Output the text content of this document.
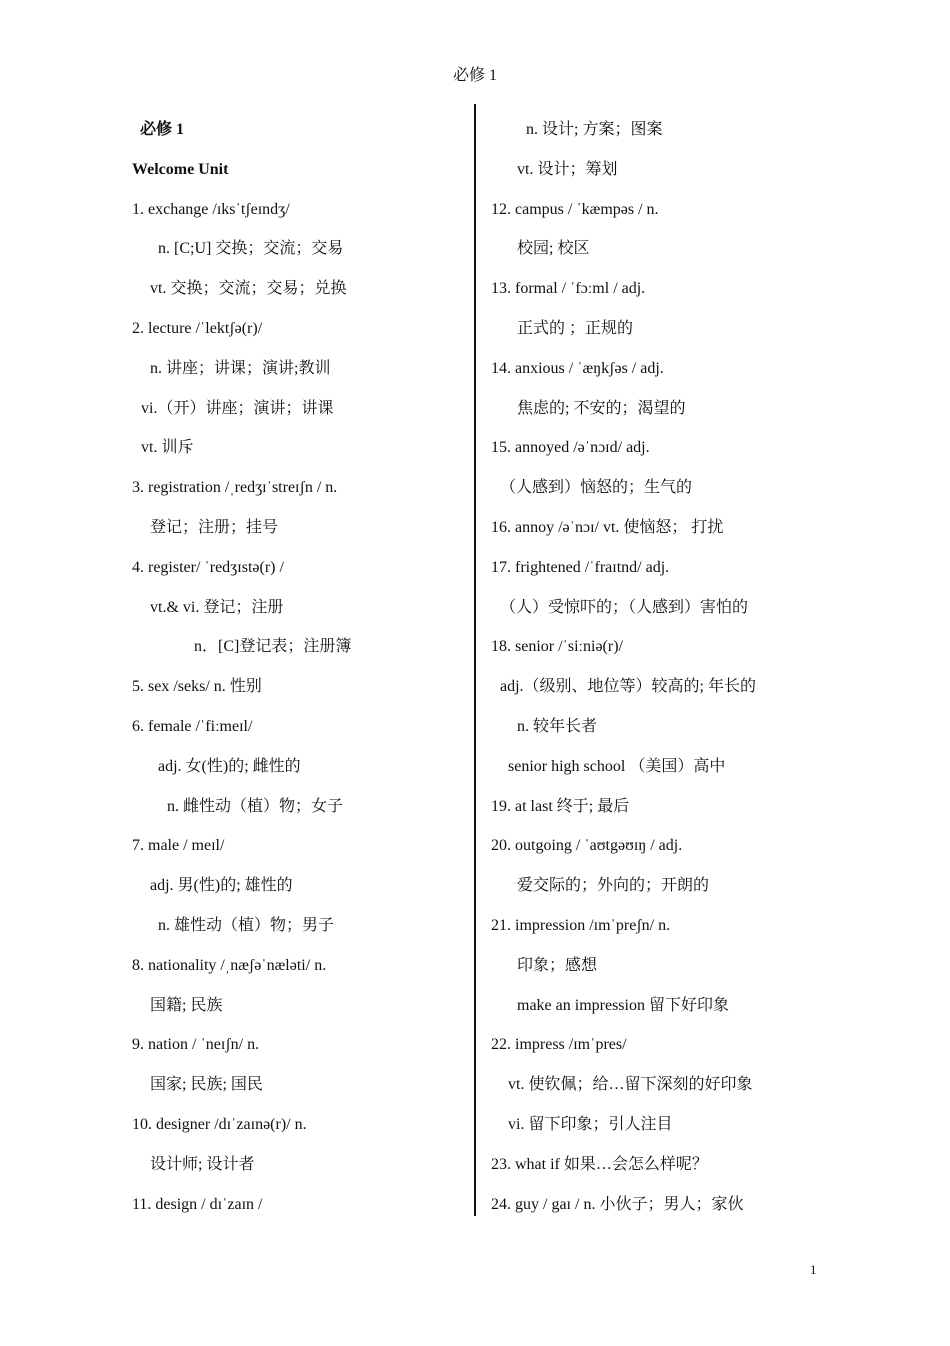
必修 1
必修 1
Welcome Unit
1. exchange /ɪksˈtʃeɪndʒ/
n. [C;U] 交换；交流；交易
vt. 交换；交流；交易；兑换
2. lecture /ˈlektʃə(r)/
n. 讲座；讲课；演讲;教训
vi.（开）讲座；演讲；讲课
vt. 训斥
3. registration /ˌredʒɪˈstreɪʃn / n.
登记；注册；挂号
4. register/ ˈredʒɪstə(r) /
vt.& vi. 登记；注册
n．[C]登记表；注册簿
5. sex /seks/ n. 性别
6. female /ˈfiːmeɪl/
adj. 女(性)的; 雌性的
n. 雌性动（植）物；女子
7. male / meɪl/
adj. 男(性)的; 雄性的
n. 雄性动（植）物；男子
8. nationality /ˌnæʃəˈnæləti/ n.
国籍; 民族
9. nation / ˈneɪʃn/ n.
国家; 民族; 国民
10. designer /dɪˈzaɪnə(r)/ n.
设计师; 设计者
11. design / dɪˈzaɪn /
n. 设计; 方案；图案
vt. 设计；筹划
12. campus / ˈkæmpəs / n.
校园; 校区
13. formal / ˈfɔːml / adj.
正式的 ；正规的
14. anxious / ˈæŋkʃəs / adj.
焦虑的; 不安的；渴望的
15. annoyed /əˈnɔɪd/ adj.
（人感到）恼怒的；生气的
16. annoy /əˈnɔɪ/ vt. 使恼怒； 打扰
17. frightened /ˈfraɪtnd/ adj.
（人）受惊吓的；（人感到）害怕的
18. senior /ˈsiːniə(r)/
adj.（级别、地位等）较高的; 年长的
n. 较年长者
senior high school （美国）高中
19. at last 终于; 最后
20. outgoing / ˈaʊtgəʊɪŋ / adj.
爱交际的；外向的；开朗的
21. impression /ɪmˈpreʃn/ n.
印象；感想
make an impression 留下好印象
22. impress /ɪmˈpres/
vt. 使钦佩；给…留下深刻的好印象
vi. 留下印象；引人注目
23. what if 如果…会怎么样呢？
24. guy / gaɪ / n. 小伙子；男人；家伙
1
